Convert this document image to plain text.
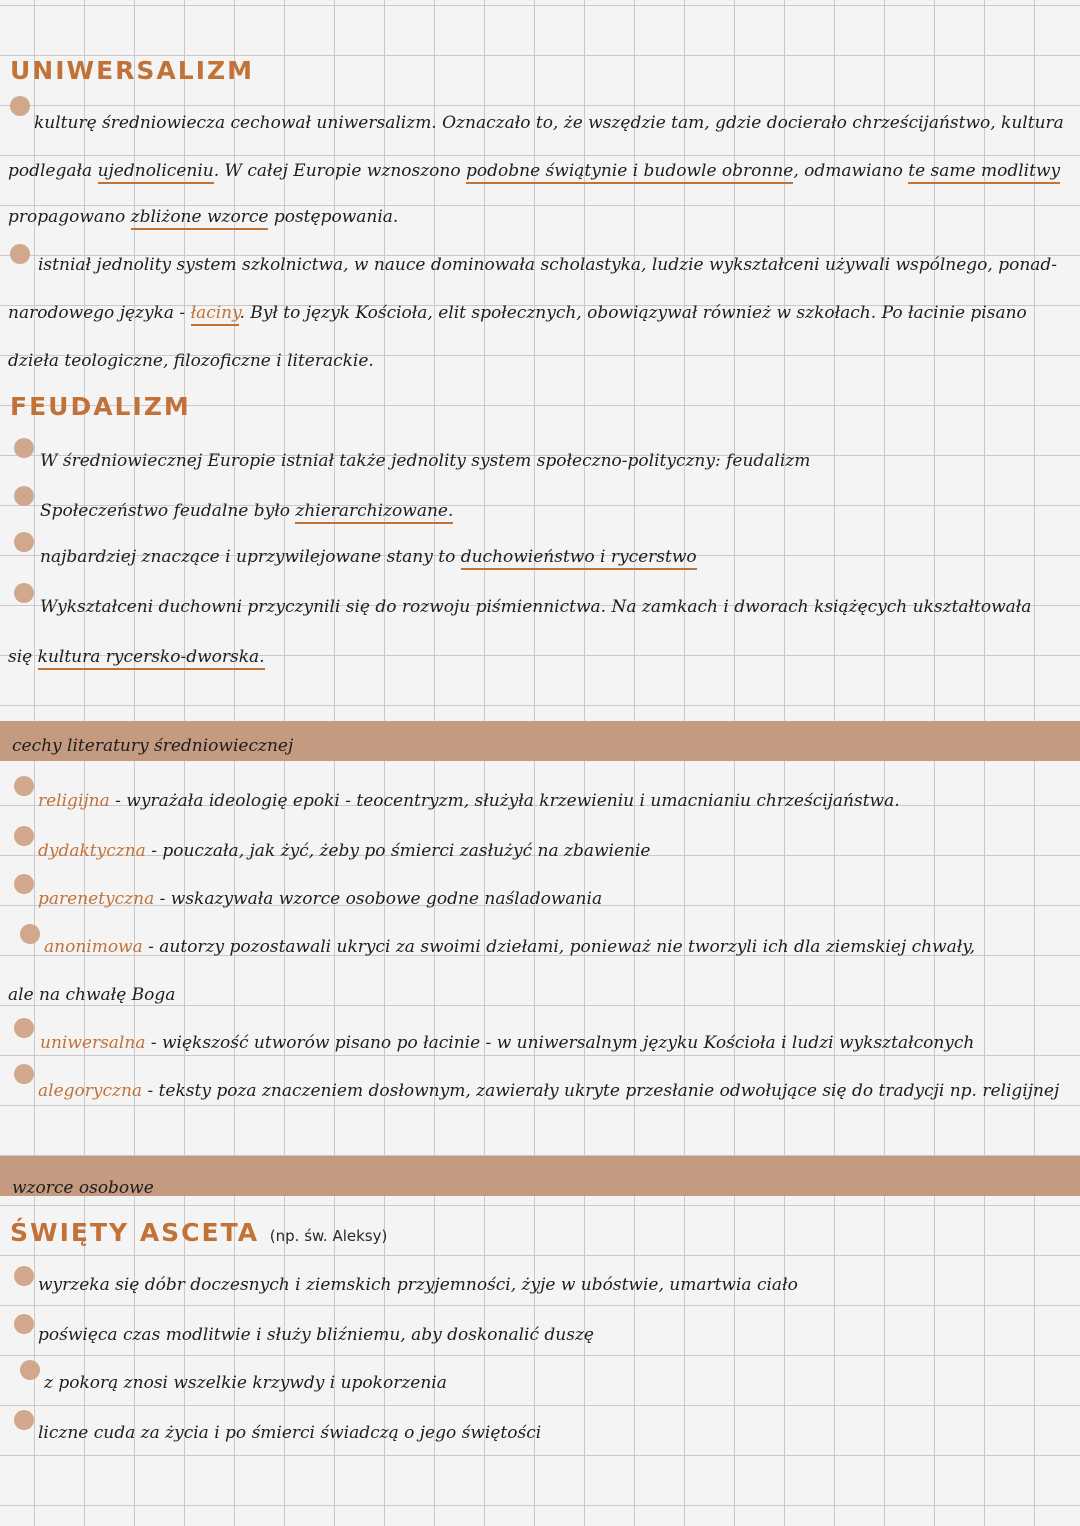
UNIWERSALIZM
kulturę średniowiecza cechował uniwersalizm. Oznaczało to, że wszędzie tam, gdzie docierało chrześcijaństwo, kultura
podlegała ujednoliceniu. W całej Europie wznoszono podobne świątynie i budowle obronne, odmawiano te same modlitwy
propagowano zbliżone wzorce postępowania.
istniał jednolity system szkolnictwa, w nauce dominowała scholastyka, ludzie wykształceni używali wspólnego, ponad-
narodowego języka - łaciny. Był to język Kościoła, elit społecznych, obowiązywał również w szkołach. Po łacinie pisano
dzieła teologiczne, filozoficzne i literackie.
FEUDALIZM
W średniowiecznej Europie istniał także jednolity system społeczno-polityczny: feudalizm
Społeczeństwo feudalne było zhierarchizowane.
najbardziej znaczące i uprzywilejowane stany to duchowieństwo i rycerstwo
Wykształceni duchowni przyczynili się do rozwoju piśmiennictwa. Na zamkach i dworach książęcych ukształtowała
się kultura rycersko-dworska.
cechy literatury średniowiecznej
religijna - wyrażała ideologię epoki - teocentryzm, służyła krzewieniu i umacnianiu chrześcijaństwa.
dydaktyczna - pouczała, jak żyć, żeby po śmierci zasłużyć na zbawienie
parenetyczna - wskazywała wzorce osobowe godne naśladowania
anonimowa - autorzy pozostawali ukryci za swoimi dziełami, ponieważ nie tworzyli ich dla ziemskiej chwały,
ale na chwałę Boga
uniwersalna - większość utworów pisano po łacinie - w uniwersalnym języku Kościoła i ludzi wykształconych
alegoryczna - teksty poza znaczeniem dosłownym, zawierały ukryte przesłanie odwołujące się do tradycji np. religijnej
wzorce osobowe
ŚWIĘTY ASCETA (np. św. Aleksy)
wyrzeka się dóbr doczesnych i ziemskich przyjemności, żyje w ubóstwie, umartwia ciało
poświęca czas modlitwie i służy bliźniemu, aby doskonalić duszę
z pokorą znosi wszelkie krzywdy i upokorzenia
liczne cuda za życia i po śmierci świadczą o jego świętości
